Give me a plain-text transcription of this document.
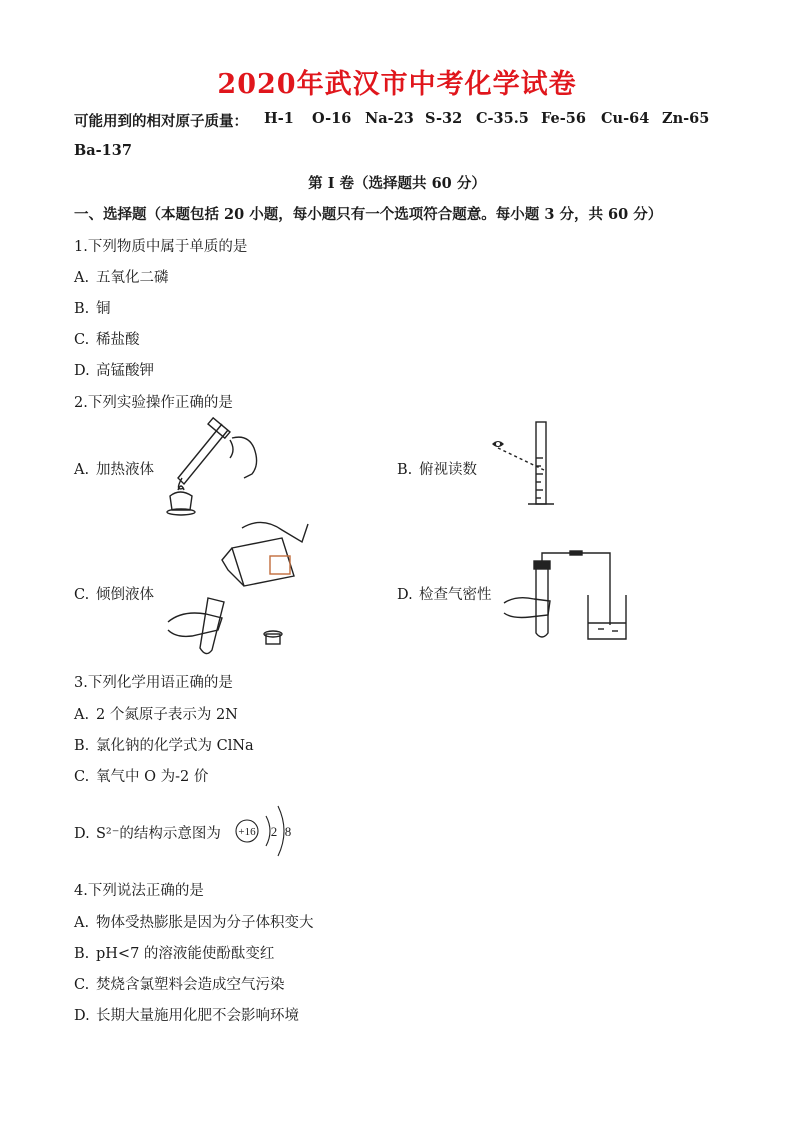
2020年武汉市中考化学试卷
可能用到的相对原子质量： H-1 O-16 Na-23 S-32 C-35.5 Fe-56 Cu-64 Zn-65
Ba-137
第 I 卷（选择题共 60 分）
一、选择题（本题包括 20 小题，每小题只有一个选项符合题意。每小题 3 分，共 60 分）
1.下列物质中属于单质的是
A. 五氧化二磷
B. 铜
C. 稀盐酸
D. 高锰酸钾
2.下列实验操作正确的是
A. 加热液体	B. 俯视读数
C. 倾倒液体	D. 检查气密性
3.下列化学用语正确的是
A. 2 个氮原子表示为 2N
B. 氯化钠的化学式为 ClNa
C. 氧气中 O 为-2 价
D. S²⁻的结构示意图为 +16 2 8
4.下列说法正确的是
A. 物体受热膨胀是因为分子体积变大
B. pH<7 的溶液能使酚酞变红
C. 焚烧含氯塑料会造成空气污染
D. 长期大量施用化肥不会影响环境
